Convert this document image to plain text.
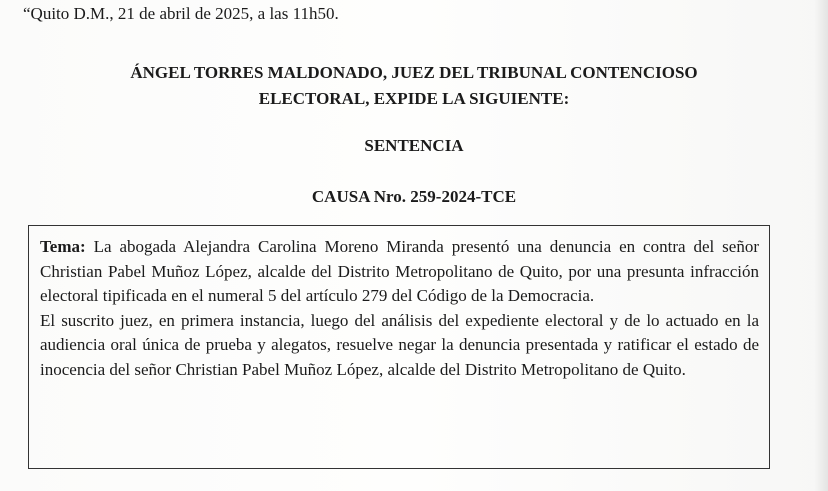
“Quito D.M., 21 de abril de 2025, a las 11h50.
ÁNGEL TORRES MALDONADO, JUEZ DEL TRIBUNAL CONTENCIOSO
ELECTORAL, EXPIDE LA SIGUIENTE:
SENTENCIA
CAUSA Nro. 259-2024-TCE

Tema: La abogada Alejandra Carolina Moreno Miranda presentó una denuncia en contra del señor Christian Pabel Muñoz López, alcalde del Distrito Metropolitano de Quito, por una presunta infracción electoral tipificada en el numeral 5 del artículo 279 del Código de la Democracia.

El suscrito juez, en primera instancia, luego del análisis del expediente electoral y de lo actuado en la audiencia oral única de prueba y alegatos, resuelve negar la denuncia presentada y ratificar el estado de inocencia del señor Christian Pabel Muñoz López, alcalde del Distrito Metropolitano de Quito.
